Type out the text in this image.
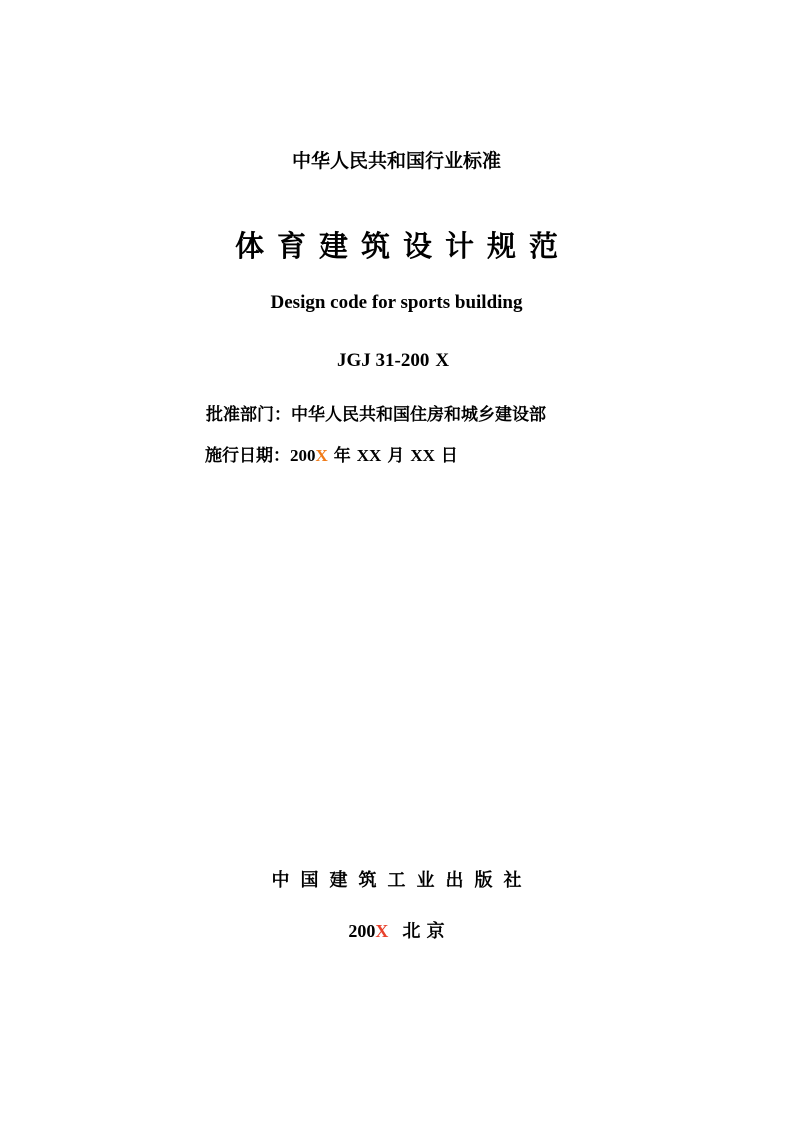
中华人民共和国行业标准
体育建筑设计规范
Design code for sports building
JGJ 31-200 X
批准部门：中华人民共和国住房和城乡建设部
施行日期：200X 年 XX 月 XX 日
中国建筑工业出版社
200X 北 京
